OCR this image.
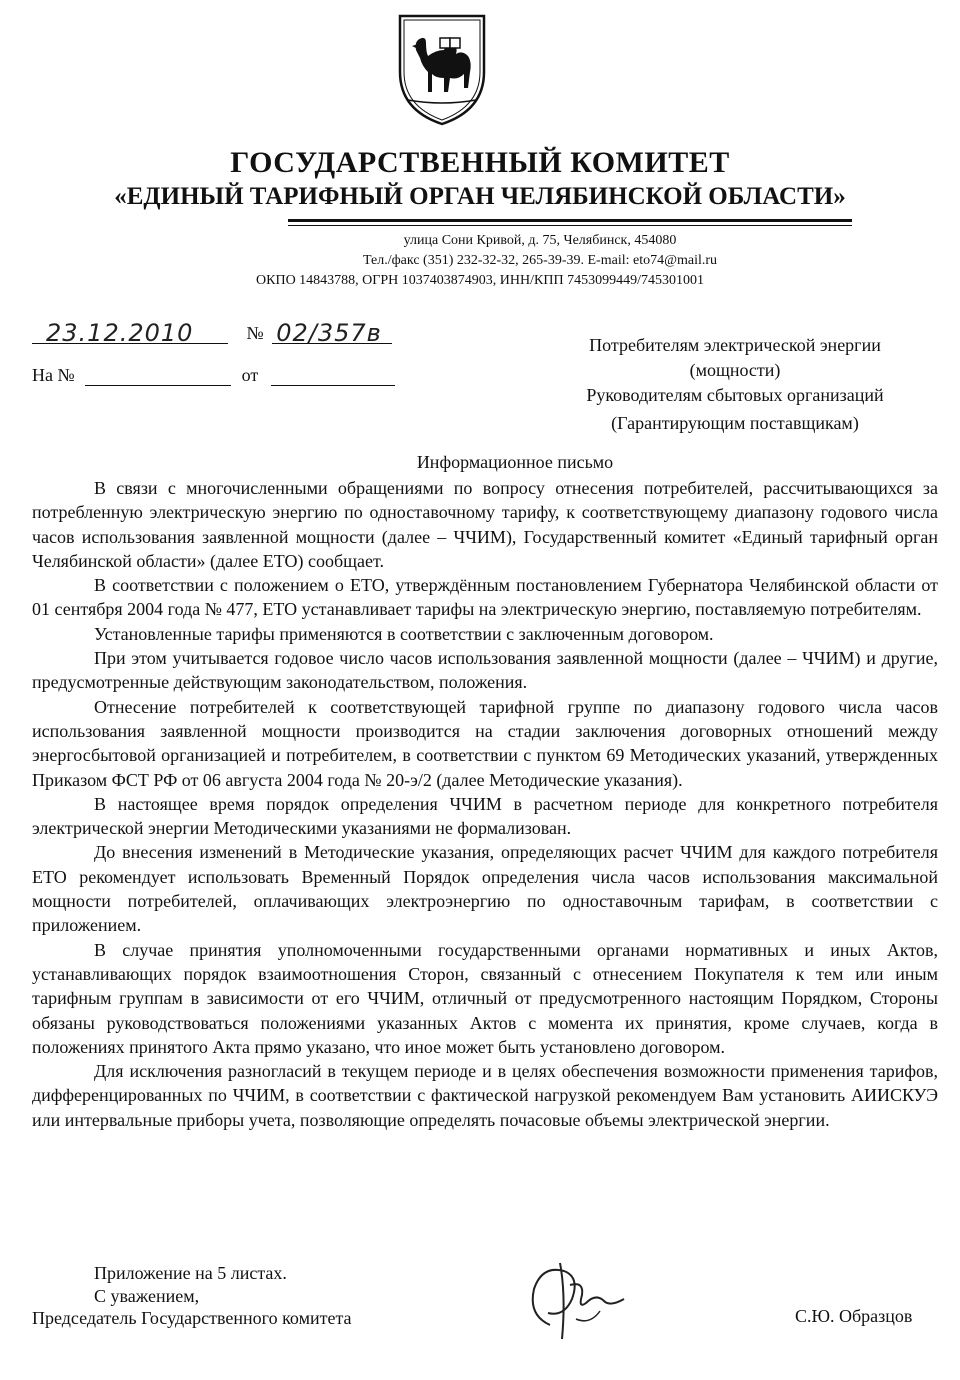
ГОСУДАРСТВЕННЫЙ КОМИТЕТ
«ЕДИНЫЙ ТАРИФНЫЙ ОРГАН ЧЕЛЯБИНСКОЙ ОБЛАСТИ»
улица Сони Кривой, д. 75, Челябинск, 454080
Тел./факс (351) 232-32-32, 265-39-39. E-mail: eto74@mail.ru
ОКПО 14843788, ОГРН 1037403874903, ИНН/КПП 7453099449/745301001
23.12.2010	№ 02/357в
На №	от
Потребителям электрической энергии
(мощности)
Руководителям сбытовых организаций
(Гарантирующим поставщикам)
Информационное письмо

В связи с многочисленными обращениями по вопросу отнесения потребителей, рассчитывающихся за потребленную электрическую энергию по одноставочному тарифу, к соответствующему диапазону годового числа часов использования заявленной мощности (далее – ЧЧИМ), Государственный комитет «Единый тарифный орган Челябинской области» (далее ЕТО) сообщает.

В соответствии с положением о ЕТО, утверждённым постановлением Губернатора Челябинской области от 01 сентября 2004 года № 477, ЕТО устанавливает тарифы на электрическую энергию, поставляемую потребителям.

Установленные тарифы применяются в соответствии с заключенным договором.

При этом учитывается годовое число часов использования заявленной мощности (далее – ЧЧИМ) и другие, предусмотренные действующим законодательством, положения.

Отнесение потребителей к соответствующей тарифной группе по диапазону годового числа часов использования заявленной мощности производится на стадии заключения договорных отношений между энергосбытовой организацией и потребителем, в соответствии с пунктом 69 Методических указаний, утвержденных Приказом ФСТ РФ от 06 августа 2004 года № 20-э/2 (далее Методические указания).

В настоящее время порядок определения ЧЧИМ в расчетном периоде для конкретного потребителя электрической энергии Методическими указаниями не формализован.

До внесения изменений в Методические указания, определяющих расчет ЧЧИМ для каждого потребителя ЕТО рекомендует использовать Временный Порядок определения числа часов использования максимальной мощности потребителей, оплачивающих электроэнергию по одноставочным тарифам, в соответствии с приложением.

В случае принятия уполномоченными государственными органами нормативных и иных Актов, устанавливающих порядок взаимоотношения Сторон, связанный с отнесением Покупателя к тем или иным тарифным группам в зависимости от его ЧЧИМ, отличный от предусмотренного настоящим Порядком, Стороны обязаны руководствоваться положениями указанных Актов с момента их принятия, кроме случаев, когда в положениях принятого Акта прямо указано, что иное может быть установлено договором.

Для исключения разногласий в текущем периоде и в целях обеспечения возможности применения тарифов, дифференцированных по ЧЧИМ, в соответствии с фактической нагрузкой рекомендуем Вам установить АИИСКУЭ или интервальные приборы учета, позволяющие определять почасовые объемы электрической энергии.

Приложение на 5 листах.
С уважением,
Председатель Государственного комитета	С.Ю. Образцов
